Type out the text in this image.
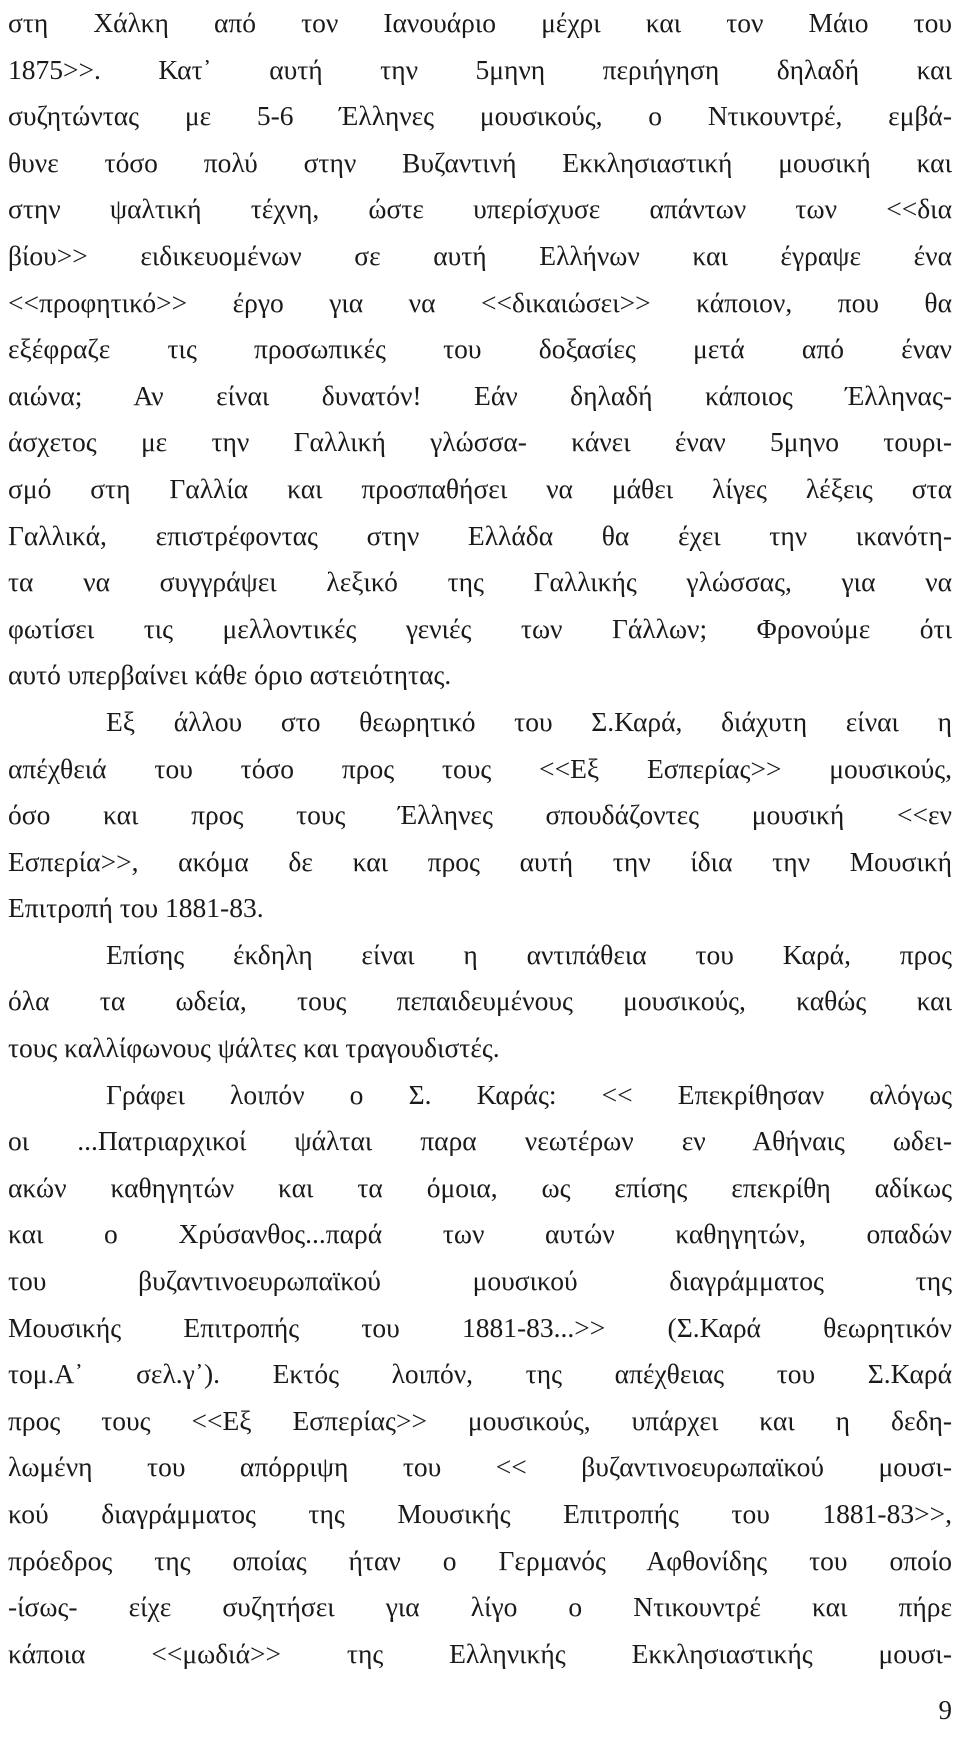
στη Χάλκη από τον Ιανουάριο μέχρι και τον Μάιο του
1875>>. Κατ᾽ αυτή την 5μηνη περιήγηση δηλαδή και
συζητώντας με 5-6 Έλληνες μουσικούς, ο Ντικουντρέ, εμβά-
θυνε τόσο πολύ στην Βυζαντινή Εκκλησιαστική μουσική και
στην ψαλτική τέχνη, ώστε υπερίσχυσε απάντων των <<δια
βίου>> ειδικευομένων σε αυτή Ελλήνων και έγραψε ένα
<<προφητικό>> έργο για να <<δικαιώσει>> κάποιον, που θα
εξέφραζε τις προσωπικές του δοξασίες μετά από έναν
αιώνα; Αν είναι δυνατόν! Εάν δηλαδή κάποιος Έλληνας-
άσχετος με την Γαλλική γλώσσα- κάνει έναν 5μηνο τουρι-
σμό στη Γαλλία και προσπαθήσει να μάθει λίγες λέξεις στα
Γαλλικά, επιστρέφοντας στην Ελλάδα θα έχει την ικανότη-
τα να συγγράψει λεξικό της Γαλλικής γλώσσας, για να
φωτίσει τις μελλοντικές γενιές των Γάλλων; Φρονούμε ότι
αυτό υπερβαίνει κάθε όριο αστειότητας.
Εξ άλλου στο θεωρητικό του Σ.Καρά, διάχυτη είναι η
απέχθειά του τόσο προς τους <<Εξ Εσπερίας>> μουσικούς,
όσο και προς τους Έλληνες σπουδάζοντες μουσική <<εν
Εσπερία>>, ακόμα δε και προς αυτή την ίδια την Μουσική
Επιτροπή του 1881-83.
Επίσης έκδηλη είναι η αντιπάθεια του Καρά, προς
όλα τα ωδεία, τους πεπαιδευμένους μουσικούς, καθώς και
τους καλλίφωνους ψάλτες και τραγουδιστές.
Γράφει λοιπόν ο Σ. Καράς: << Επεκρίθησαν αλόγως
οι ...Πατριαρχικοί ψάλται παρα νεωτέρων εν Αθήναις ωδει-
ακών καθηγητών και τα όμοια, ως επίσης επεκρίθη αδίκως
και ο Χρύσανθος...παρά των αυτών καθηγητών, οπαδών
του βυζαντινοευρωπαϊκού μουσικού διαγράμματος της
Μουσικής Επιτροπής του 1881-83...>> (Σ.Καρά θεωρητικόν
τομ.Α᾽ σελ.γ᾽). Εκτός λοιπόν, της απέχθειας του Σ.Καρά
προς τους <<Εξ Εσπερίας>> μουσικούς, υπάρχει και η δεδη-
λωμένη του απόρριψη του << βυζαντινοευρωπαϊκού μουσι-
κού διαγράμματος της Μουσικής Επιτροπής του 1881-83>>,
πρόεδρος της οποίας ήταν ο Γερμανός Αφθονίδης του οποίο
-ίσως- είχε συζητήσει για λίγο ο Ντικουντρέ και πήρε
κάποια <<μωδιά>> της Ελληνικής Εκκλησιαστικής μουσι-
9
